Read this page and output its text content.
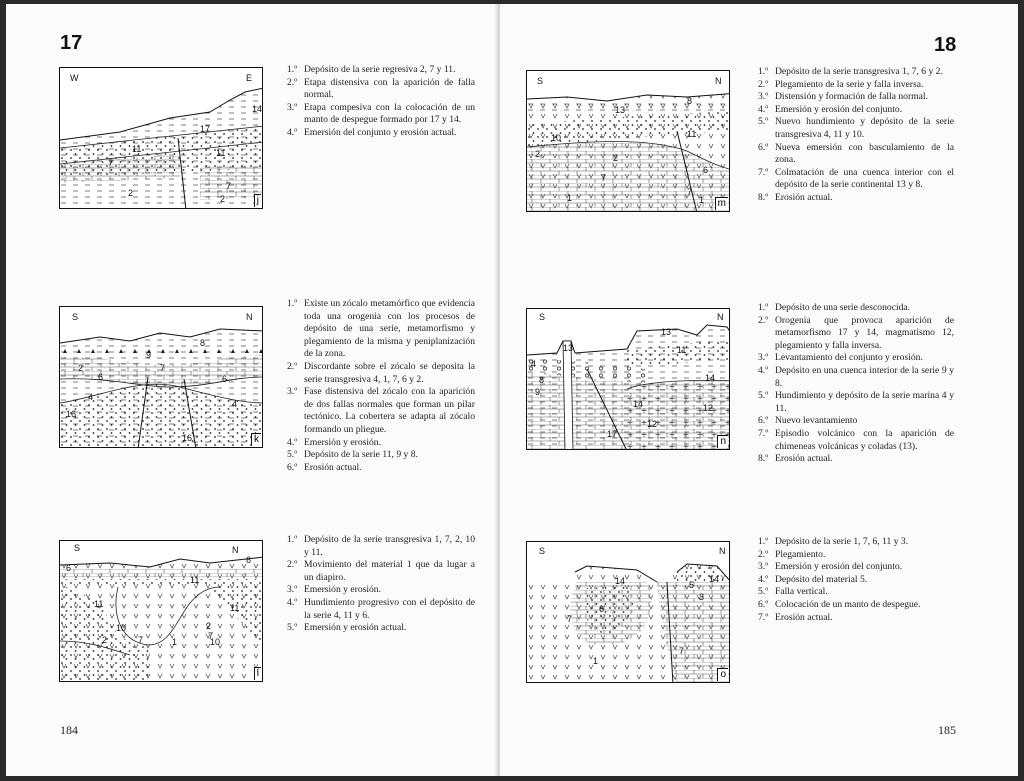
17	18
W	E
14
17
11	11
7
7
2
2	j
1.º Depósito de la serie regresiva 2, 7 y 11.
2.º Etapa distensiva con la aparición de falla normal.
3.º Etapa compesiva con la colocación de un manto de despegue formado por 17 y 14.
4.º Emersión del conjunto y erosión actual.
S	N
8
9
7
2
6	6
4
4
16
16	k
1.º Existe un zócalo metamórfico que evidencia toda una orogenia con los procesos de depósito de una serie, metamorfismo y plegamiento de la misma y peniplanización de la zona.
2.º Discordante sobre el zócalo se deposita la serie transgresiva 4, 1, 7, 6 y 2.
3.º Fase distensiva del zócalo con la aparición de dos fallas normales que forman un pilar tectónico. La cobertera se adapta al zócalo formando un pliegue.
4.º Emersión y erosión.
5.º Depósito de la serie 11, 9 y 8.
6.º Erosión actual.
S	N
6
6
11
11	11
10
10
2
2
7	7
1
l
1.º Depósito de la serie transgresiva 1, 7, 2, 10 y 11.
2.º Movimiento del material 1 que da lugar a un diapiro.
3.º Emersión y erosión.
4.º Hundimiento progresivo con el depósito de la serie 4, 11 y 6.
5.º Emersión y erosión actual.
S	N
13
8
10	11
2	2
6
7
1
7
1	m
1.º Depósito de la serie transgresiva 1, 7, 6 y 2.
2.º Plegamiento de la serie y falla inversa.
3.º Distensión y formación de falla normal.
4.º Emersión y erosión del conjunto.
5.º Nuevo hundimiento y depósito de la serie transgresiva 4, 11 y 10.
6.º Nueva emersión con basculamiento de la zona.
7.º Colmatación de una cuenca interior con el depósito de la serie continental 13 y 8.
8.º Erosión actual.
S	N
13
13
11
4
8
9
14
14
12
12
17
n
1.º Depósito de una serie desconocida.
2.º Orogenia que provoca aparición de metamorfismo 17 y 14, magmatismo 12, plegamiento y falla inversa.
3.º Levantamiento del conjunto y erosión.
4.º Depósito en una cuenca interior de la serie 9 y 8.
5.º Hundimiento y depósito de la serie marina 4 y 11.
6.º Nuevo levantamiento
7.º Episodio volcánico con la aparición de chimeneas volcánicas y coladas (13).
8.º Erosión actual.
S	N
14	5
14
6
3
7
7
1
o
1.º Depósito de la serie 1, 7, 6, 11 y 3.
2.º Plegamiento.
3.º Emersión y erosión del conjunto.
4.º Depósito del material 5.
5.º Falla vertical.
6.º Colocación de un manto de despegue.
7.º Erosión actual.
184	185
